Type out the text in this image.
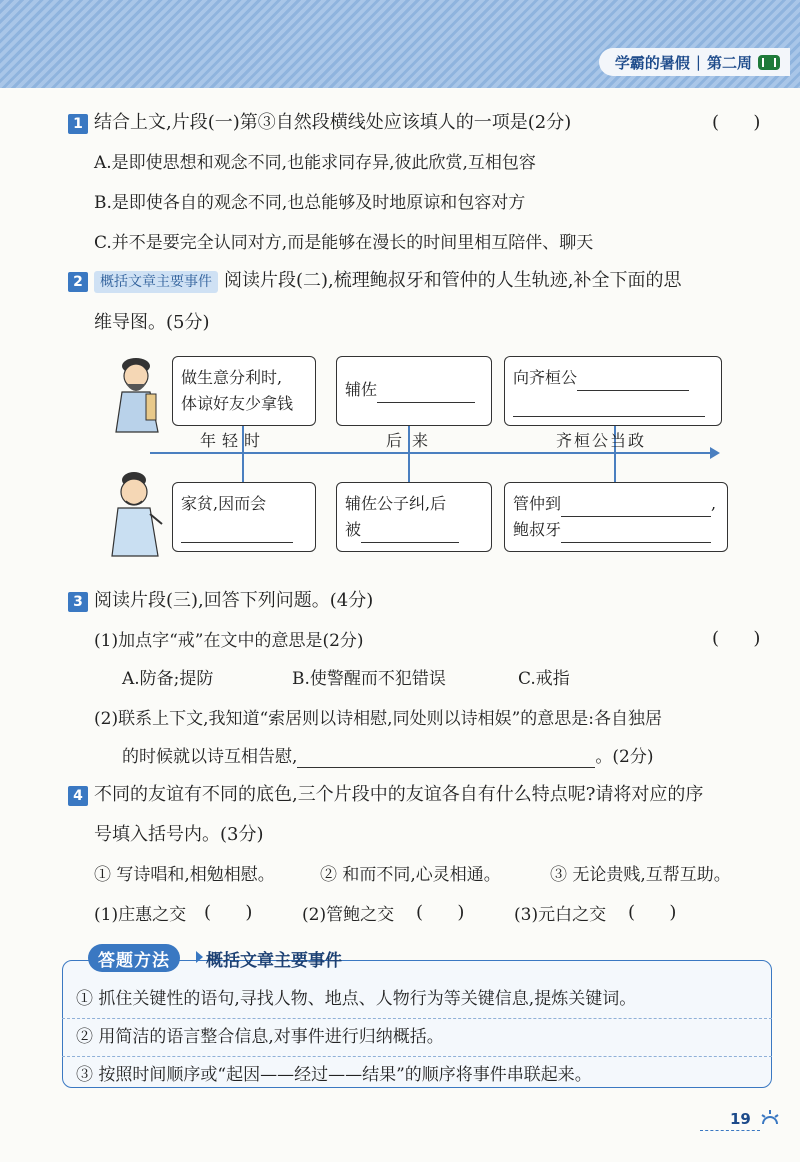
学霸的暑假 | 第二周
1 结合上文,片段(一)第③自然段横线处应该填人的一项是(2分)	(      )
A.是即使思想和观念不同,也能求同存异,彼此欣赏,互相包容
B.是即使各自的观念不同,也总能够及时地原谅和包容对方
C.并不是要完全认同对方,而是能够在漫长的时间里相互陪伴、聊天
2	概括文章主要事件 阅读片段(二),梳理鲍叔牙和管仲的人生轨迹,补全下面的思
维导图。(5分)
做生意分利时,
体谅好友少拿钱
辅佐
向齐桓公
年轻时	后来	齐桓公当政
家贫,因而会	辅佐公子纠,后
被
管仲到	,
鲍叔牙
3 阅读片段(三),回答下列问题。(4分)
(1)加点字“戒”在文中的意思是(2分)	(      )
A.防备;提防	B.使警醒而不犯错误	C.戒指
(2)联系上下文,我知道“索居则以诗相慰,同处则以诗相娱”的意思是:各自独居
的时候就以诗互相告慰,	。(2分)
4 不同的友谊有不同的底色,三个片段中的友谊各自有什么特点呢?请将对应的序
号填入括号内。(3分)
① 写诗唱和,相勉相慰。	② 和而不同,心灵相通。	③ 无论贵贱,互帮互助。
(1)庄惠之交 (      )	(2)管鲍之交 (      )	(3)元白之交 (      )
答题方法	概括文章主要事件
① 抓住关键性的语句,寻找人物、地点、人物行为等关键信息,提炼关键词。
② 用简洁的语言整合信息,对事件进行归纳概括。
③ 按照时间顺序或“起因——经过——结果”的顺序将事件串联起来。
19
